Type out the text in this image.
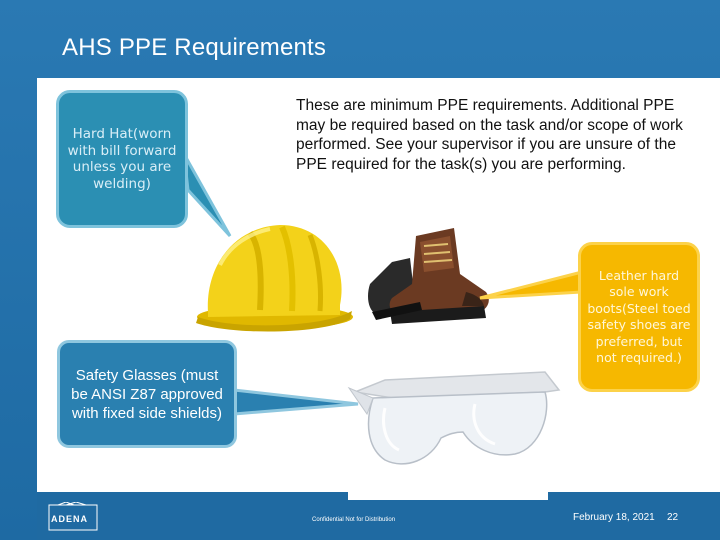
AHS PPE Requirements
These are minimum PPE requirements. Additional PPE may be required based on the task and/or scope of work performed. See your supervisor if you are unsure of the PPE required for the task(s) you are performing.
Hard Hat(worn with bill forward unless you are welding)
Leather hard sole work boots(Steel toed safety shoes are preferred, but not required.)
Safety Glasses (must be ANSI Z87 approved with fixed side shields)
ADENA	Confidential Not for Distribution	February 18, 2021 22
